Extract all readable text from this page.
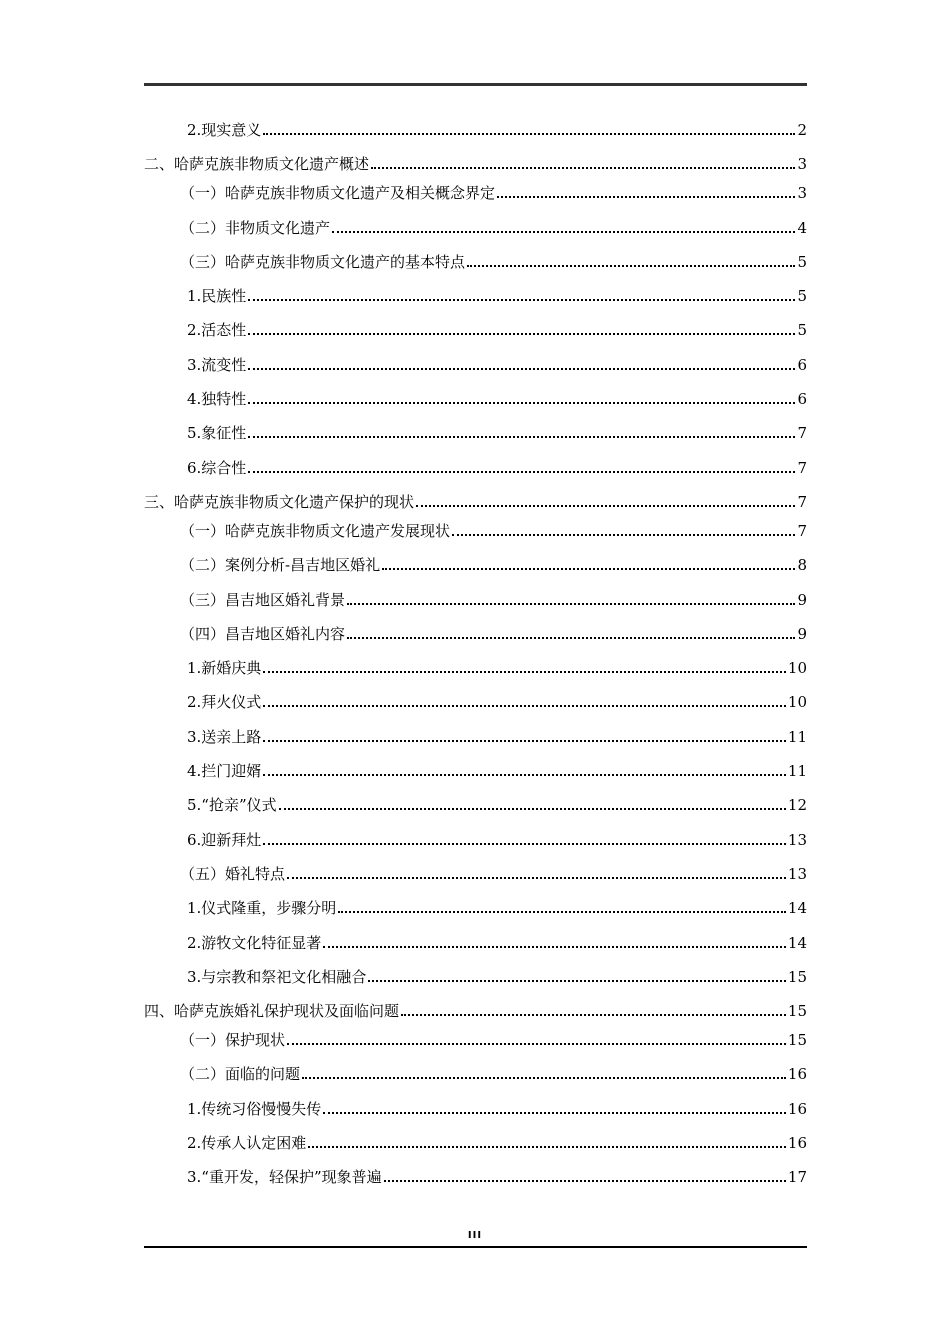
2.现实意义	2
二、哈萨克族非物质文化遗产概述	3
（一）哈萨克族非物质文化遗产及相关概念界定	3
（二）非物质文化遗产	4
（三）哈萨克族非物质文化遗产的基本特点	5
1.民族性	5
2.活态性	5
3.流变性	6
4.独特性	6
5.象征性	7
6.综合性	7
三、哈萨克族非物质文化遗产保护的现状	7
（一）哈萨克族非物质文化遗产发展现状	7
（二）案例分析-昌吉地区婚礼	8
（三）昌吉地区婚礼背景	9
（四）昌吉地区婚礼内容	9
1.新婚庆典	10
2.拜火仪式	10
3.送亲上路	11
4.拦门迎婿	11
5.“抢亲”仪式	12
6.迎新拜灶	13
（五）婚礼特点	13
1.仪式隆重，步骤分明	14
2.游牧文化特征显著	14
3.与宗教和祭祀文化相融合	15
四、哈萨克族婚礼保护现状及面临问题	15
（一）保护现状	15
（二）面临的问题	16
1.传统习俗慢慢失传	16
2.传承人认定困难	16
3.“重开发，轻保护”现象普遍	17
III
